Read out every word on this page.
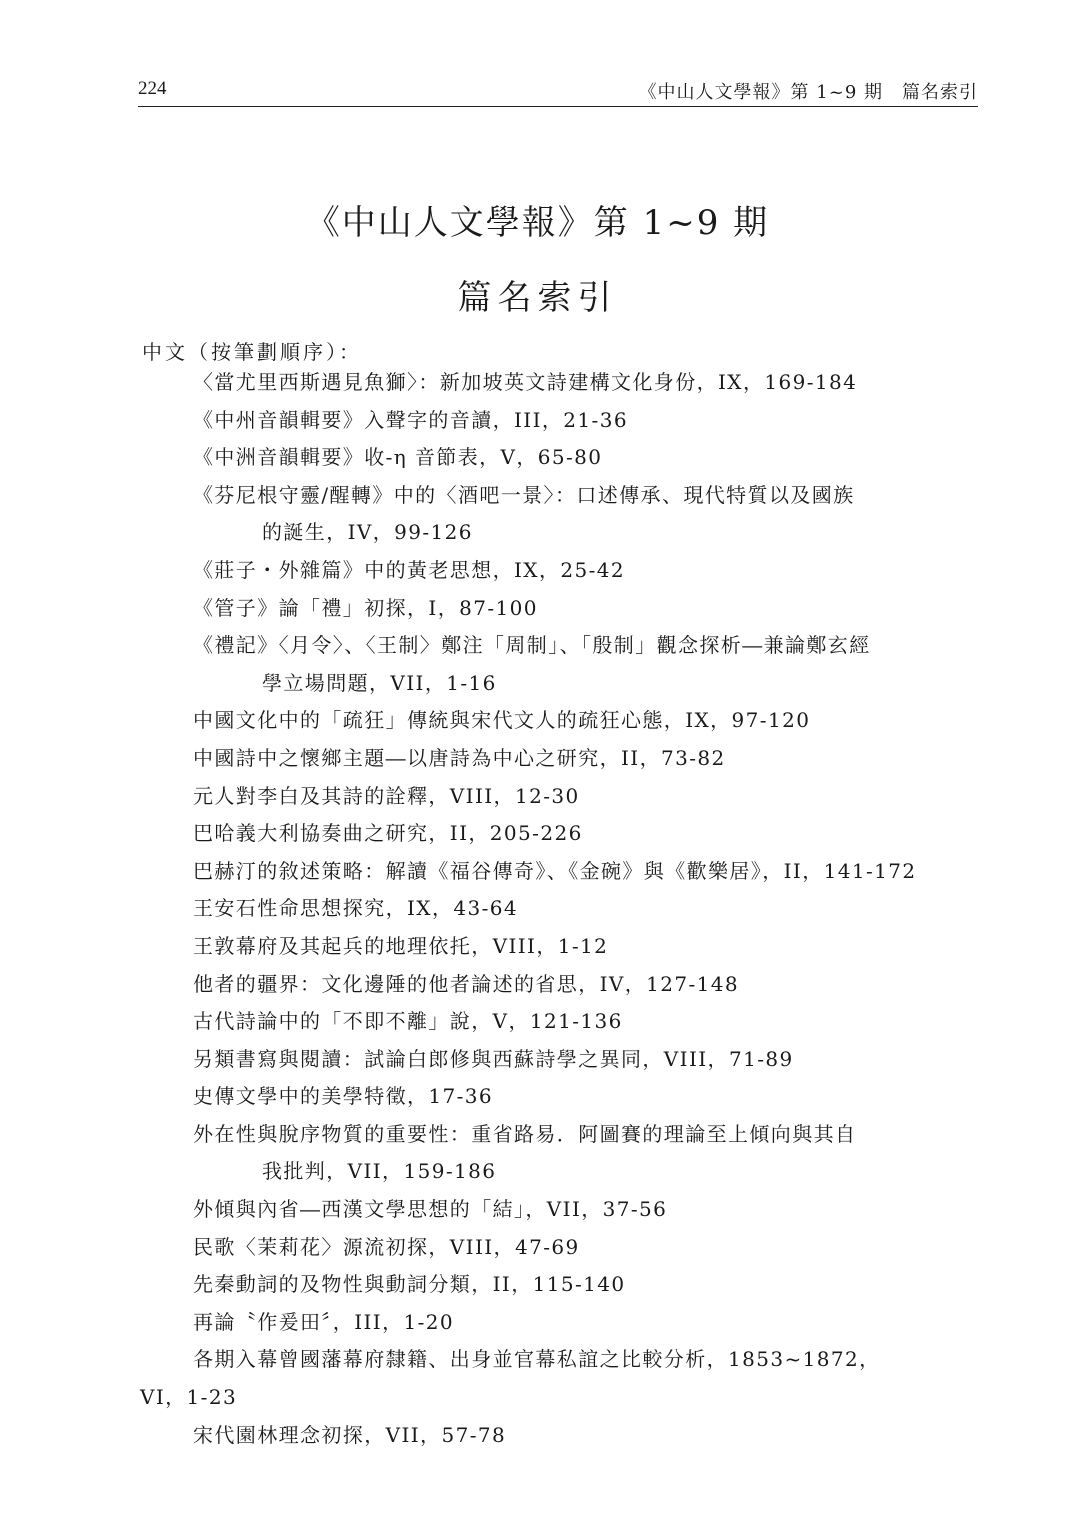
224	《中山人文學報》第 1~9 期　篇名索引
《中山人文學報》第 1~9 期
篇名索引
中文（按筆劃順序）：
〈當尤里西斯遇見魚獅〉：新加坡英文詩建構文化身份，IX，169-184
《中州音韻輯要》入聲字的音讀，III，21-36
《中洲音韻輯要》收-η 音節表，V，65-80
《芬尼根守靈/醒轉》中的〈酒吧一景〉：口述傳承、現代特質以及國族
的誕生，IV，99-126
《莊子・外雜篇》中的黃老思想，IX，25-42
《管子》論「禮」初探，I，87-100
《禮記》〈月令〉、〈王制〉鄭注「周制」、「殷制」觀念探析―兼論鄭玄經
學立場問題，VII，1-16
中國文化中的「疏狂」傳統與宋代文人的疏狂心態，IX，97-120
中國詩中之懷鄉主題―以唐詩為中心之研究，II，73-82
元人對李白及其詩的詮釋，VIII，12-30
巴哈義大利協奏曲之研究，II，205-226
巴赫汀的敘述策略：解讀《福谷傳奇》、《金碗》與《歡樂居》，II，141-172
王安石性命思想探究，IX，43-64
王敦幕府及其起兵的地理依托，VIII，1-12
他者的疆界：文化邊陲的他者論述的省思，IV，127-148
古代詩論中的「不即不離」說，V，121-136
另類書寫與閱讀：試論白郎修與西蘇詩學之異同，VIII，71-89
史傳文學中的美學特徵，17-36
外在性與脫序物質的重要性：重省路易．阿圖賽的理論至上傾向與其自
我批判，VII，159-186
外傾與內省―西漢文學思想的「結」，VII，37-56
民歌〈茉莉花〉源流初探，VIII，47-69
先秦動詞的及物性與動詞分類，II，115-140
再論〝作爰田〞，III，1-20
各期入幕曾國藩幕府隸籍、出身並官幕私誼之比較分析，1853~1872，
VI，1-23
宋代園林理念初探，VII，57-78
